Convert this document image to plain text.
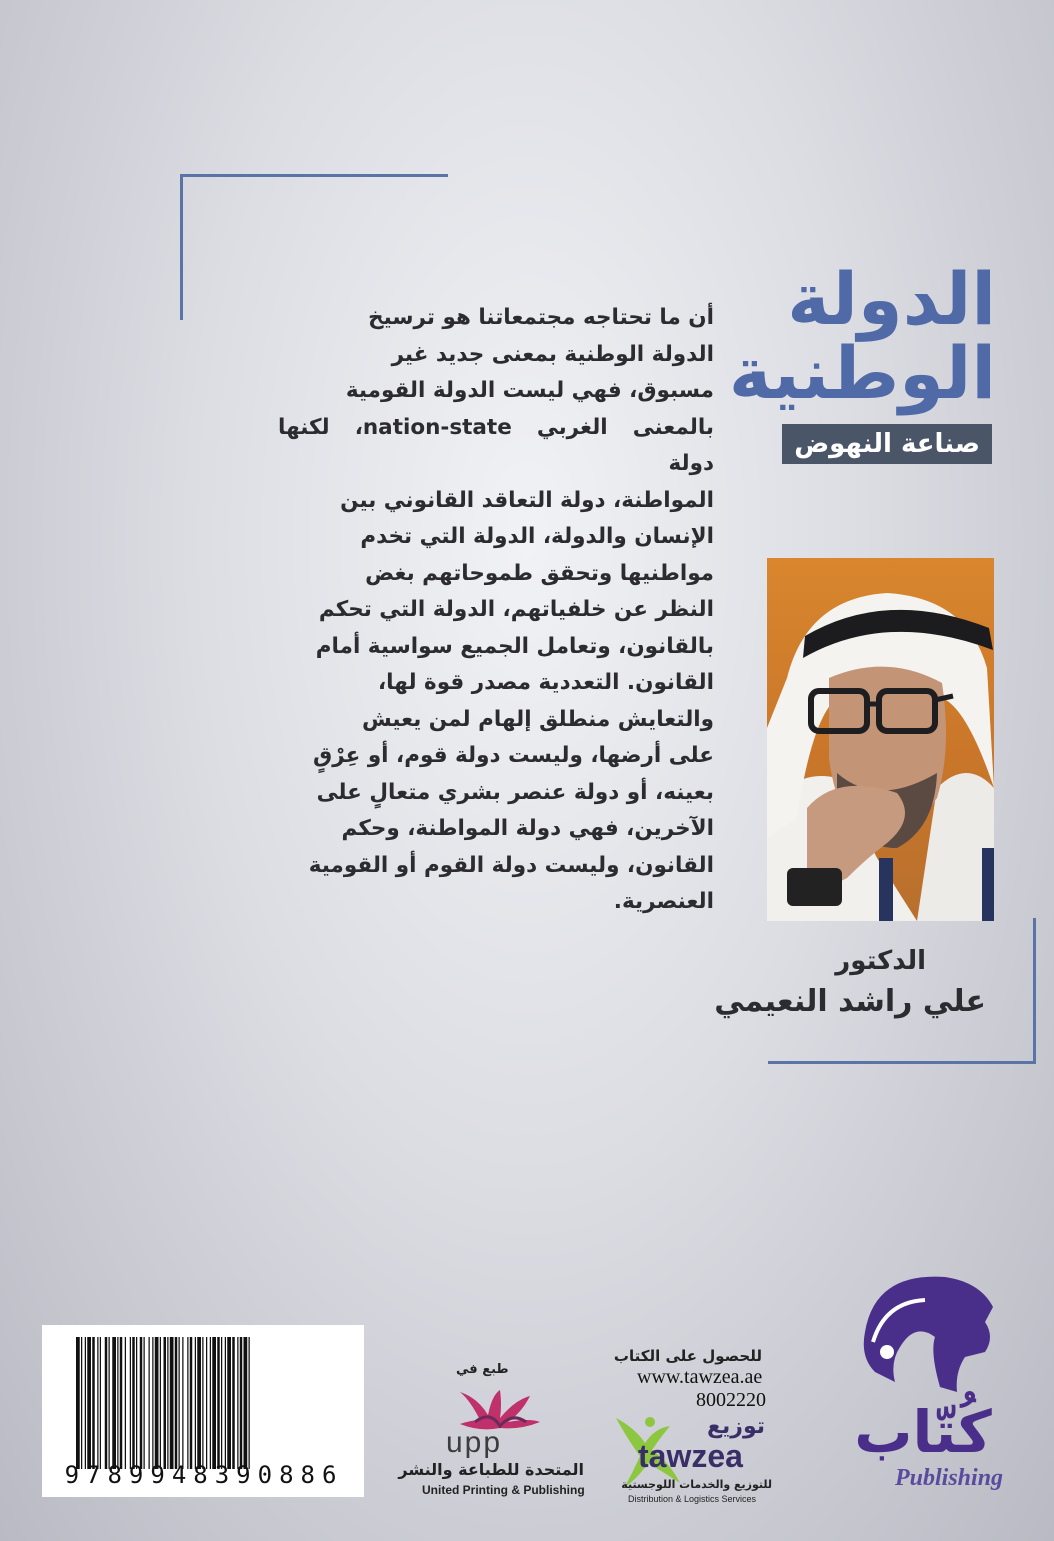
الدولة
الوطنية
صناعة النهوض
أن ما تحتاجه مجتمعاتنا هو ترسيخ
الدولة الوطنية بمعنى جديد غير
مسبوق، فهي ليست الدولة القومية
بالمعنى الغربي nation-state، لكنها دولة
المواطنة، دولة التعاقد القانوني بين
الإنسان والدولة، الدولة التي تخدم
مواطنيها وتحقق طموحاتهم بغض
النظر عن خلفياتهم، الدولة التي تحكم
بالقانون، وتعامل الجميع سواسية أمام
القانون. التعددية مصدر قوة لها،
والتعايش منطلق إلهام لمن يعيش
على أرضها، وليست دولة قوم، أو عِرْقٍ
بعينه، أو دولة عنصر بشري متعالٍ على
الآخرين، فهي دولة المواطنة، وحكم
القانون، وليست دولة القوم أو القومية
العنصرية.
الدكتور
علي راشد النعيمي
كُتّاب
Publishing
للحصول على الكتاب
www.tawzea.ae
8002220
توزيع
tawzea
للتوزيع والخدمات اللوجستية
Distribution & Logistics Services
طبع في
upp
المتحدة للطباعة والنشر
United Printing & Publishing
9789948390886
